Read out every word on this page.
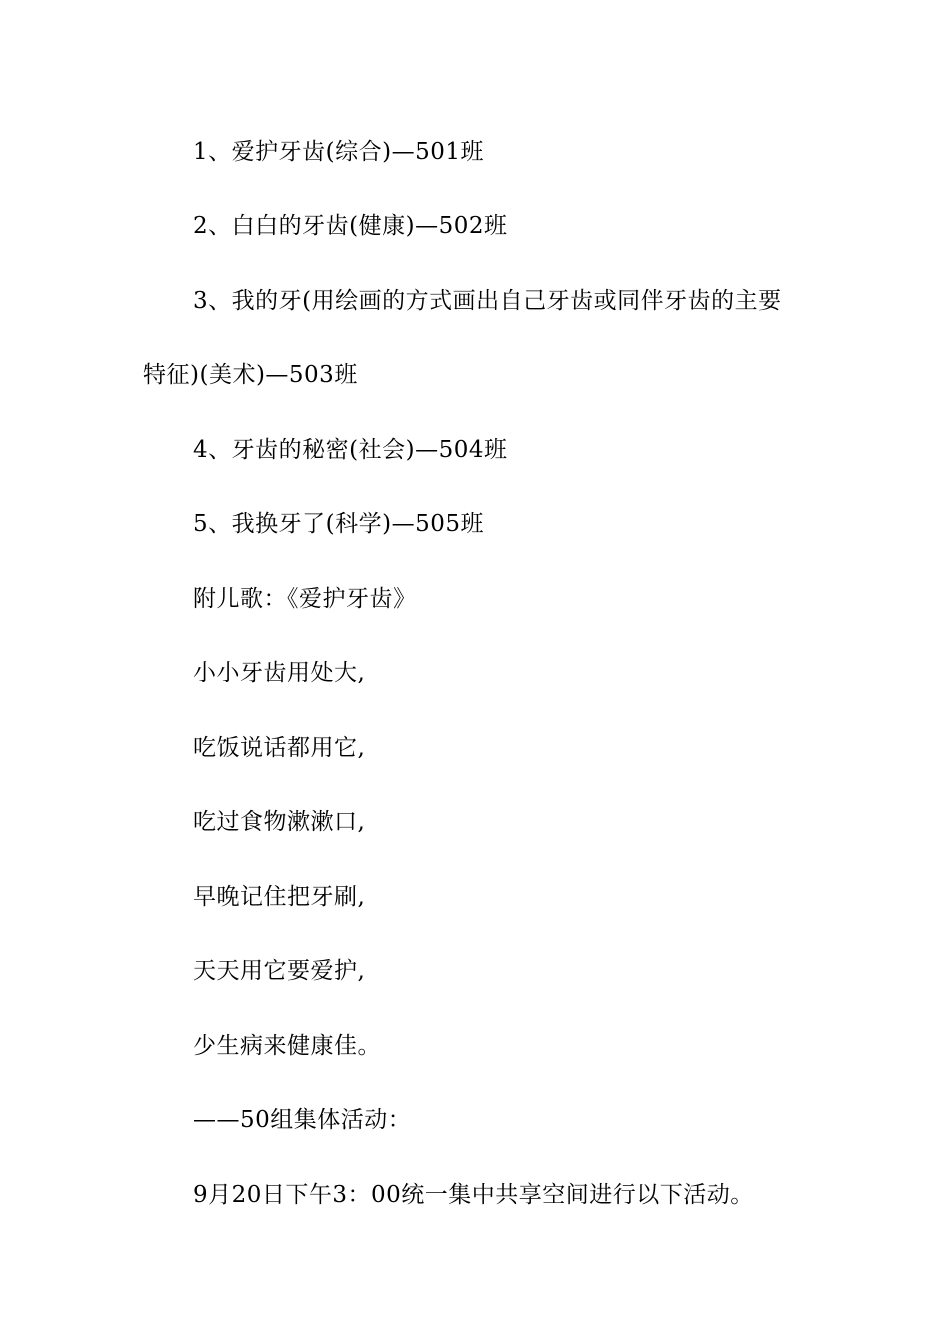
1、爱护牙齿(综合)—501班
2、白白的牙齿(健康)—502班
3、我的牙(用绘画的方式画出自己牙齿或同伴牙齿的主要
特征)(美术)—503班
4、牙齿的秘密(社会)—504班
5、我换牙了(科学)—505班
附儿歌：《爱护牙齿》
小小牙齿用处大,
吃饭说话都用它,
吃过食物漱漱口,
早晚记住把牙刷,
天天用它要爱护,
少生病来健康佳。
——50组集体活动：
9月20日下午3：00统一集中共享空间进行以下活动。
